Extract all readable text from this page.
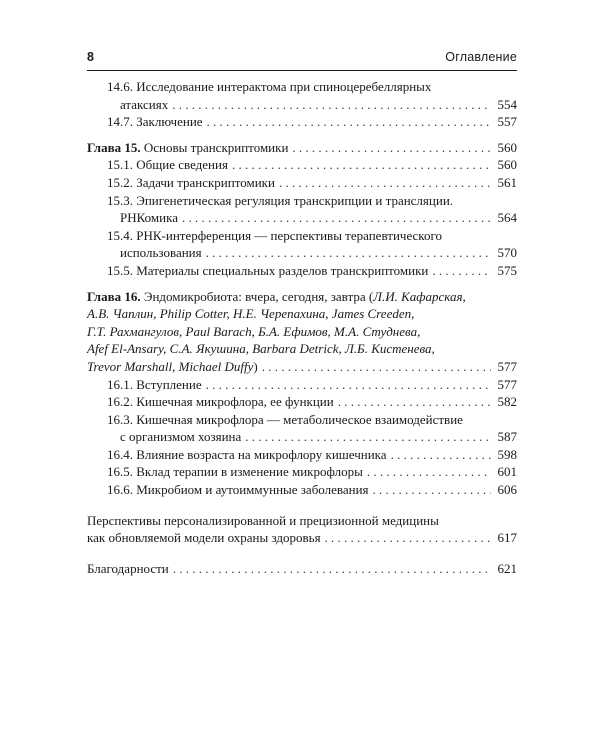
8	Оглавление
14.6. Исследование интерактома при спиноцеребеллярных
атаксиях . . .	554
14.7. Заключение . . .	557
Глава 15. Основы транскриптомики . . .	560
15.1. Общие сведения . . .	560
15.2. Задачи транскриптомики . . .	561
15.3. Эпигенетическая регуляция транскрипции и трансляции.
РНКомика . . .	564
15.4. РНК-интерференция — перспективы терапевтического
использования . . .	570
15.5. Материалы специальных разделов транскриптомики . . .	575
Глава 16. Эндомикробиота: вчера, сегодня, завтра (Л.И. Кафарская,
А.В. Чаплин, Philip Cotter, Н.Е. Черепахина, James Creeden,
Г.Т. Рахмангулов, Paul Barach, Б.А. Ефимов, М.А. Студнева,
Afef El-Ansary, С.А. Якушина, Barbara Detrick, Л.Б. Кистенева,
Trevor Marshall, Michael Duffy) . . .	577
16.1. Вступление . . .	577
16.2. Кишечная микрофлора, ее функции . . .	582
16.3. Кишечная микрофлора — метаболическое взаимодействие
с организмом хозяина . . .	587
16.4. Влияние возраста на микрофлору кишечника . . .	598
16.5. Вклад терапии в изменение микрофлоры . . .	601
16.6. Микробиом и аутоиммунные заболевания . . .	606
Перспективы персонализированной и прецизионной медицины
как обновляемой модели охраны здоровья . . .	617
Благодарности . . .	621
